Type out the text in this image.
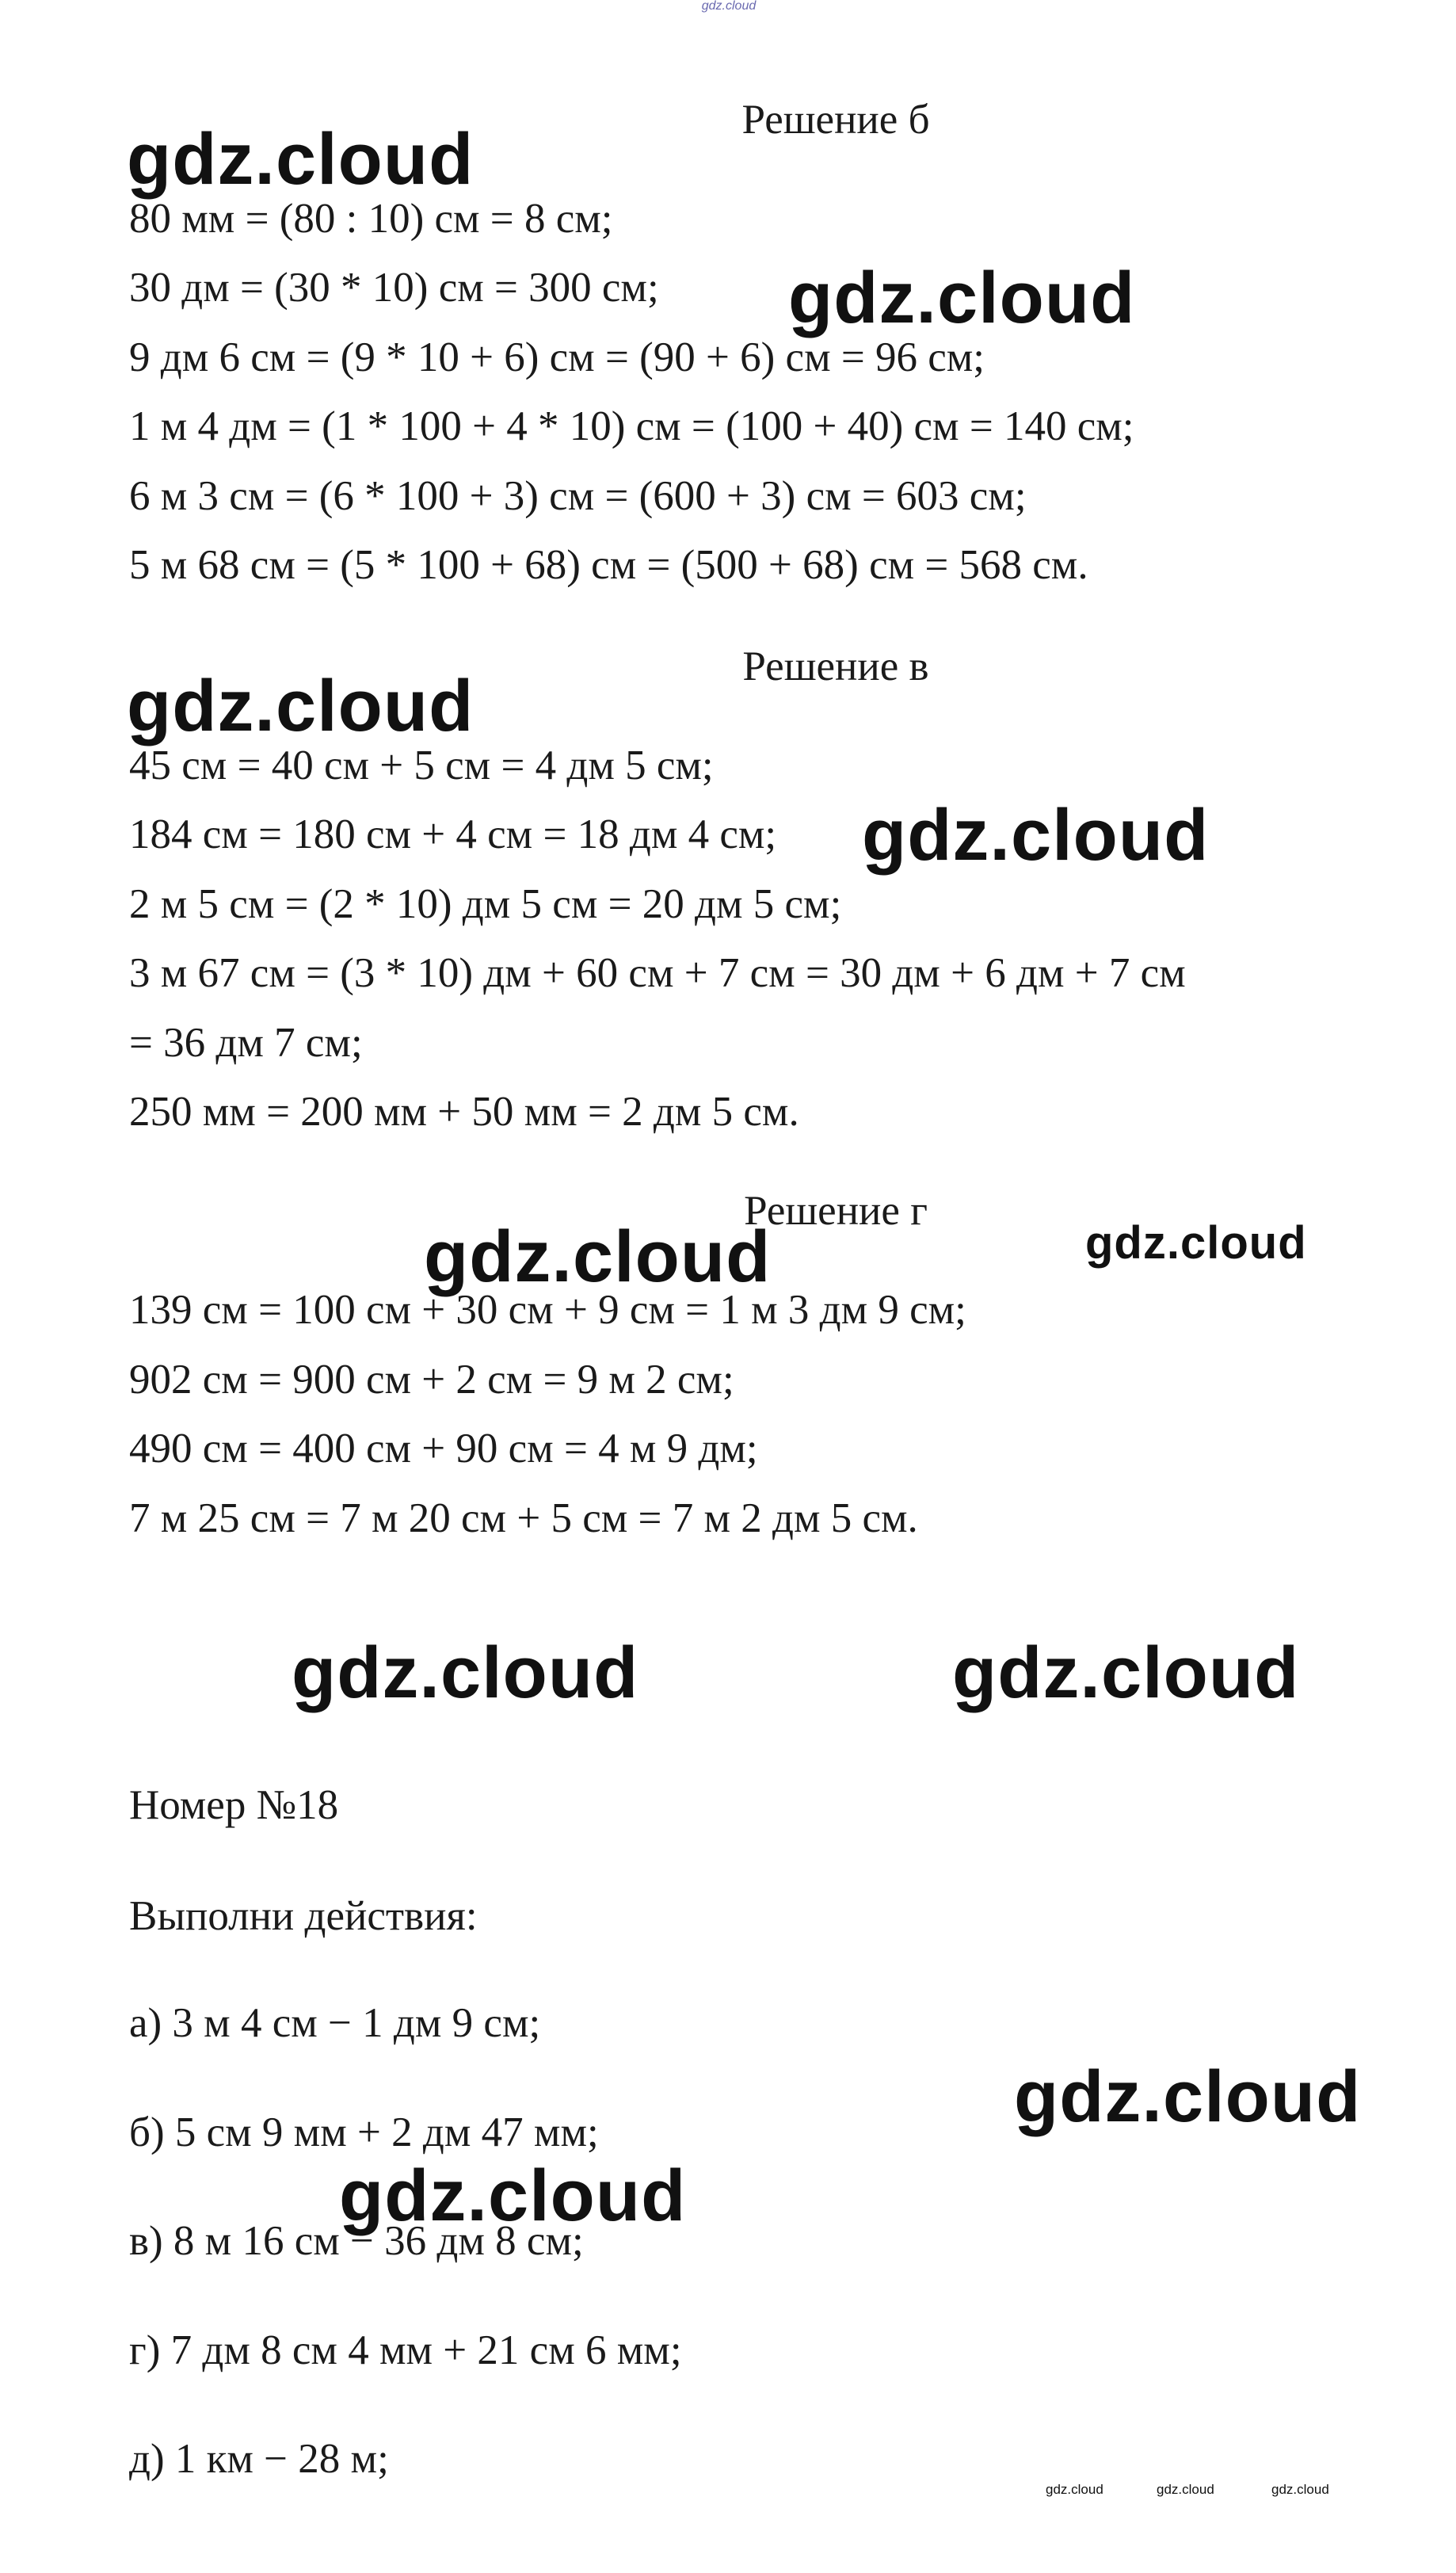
gdz.cloud
Решение б
80 мм = (80 : 10) см = 8 см;
30 дм = (30 * 10) см = 300 см;
9 дм 6 см = (9 * 10 + 6) см = (90 + 6) см = 96 см;
1 м 4 дм = (1 * 100 + 4 * 10) см = (100 + 40) см = 140 см;
6 м 3 см = (6 * 100 + 3) см = (600 + 3) см = 603 см;
5 м 68 см = (5 * 100 + 68) см = (500 + 68) см = 568 см.
Решение в
45 см = 40 см + 5 см = 4 дм 5 см;
184 см = 180 см + 4 см = 18 дм 4 см;
2 м 5 см = (2 * 10) дм 5 см = 20 дм 5 см;
3 м 67 см = (3 * 10) дм + 60 см + 7 см = 30 дм + 6 дм + 7 см
= 36 дм 7 см;
250 мм = 200 мм + 50 мм = 2 дм 5 см.
Решение г
139 см = 100 см + 30 см + 9 см = 1 м 3 дм 9 см;
902 см = 900 см + 2 см = 9 м 2 см;
490 см = 400 см + 90 см = 4 м 9 дм;
7 м 25 см = 7 м 20 см + 5 см = 7 м 2 дм 5 см.
Номер №18
Выполни действия:
а) 3 м 4 см − 1 дм 9 см;
б) 5 см 9 мм + 2 дм 47 мм;
в) 8 м 16 см − 36 дм 8 см;
г) 7 дм 8 см 4 мм + 21 см 6 мм;
д) 1 км − 28 м;
gdz.cloud
gdz.cloud
gdz.cloud
gdz.cloud
gdz.cloud	gdz.cloud
gdz.cloud	gdz.cloud
gdz.cloud
gdz.cloud
gdz.cloud	gdz.cloud	gdz.cloud
